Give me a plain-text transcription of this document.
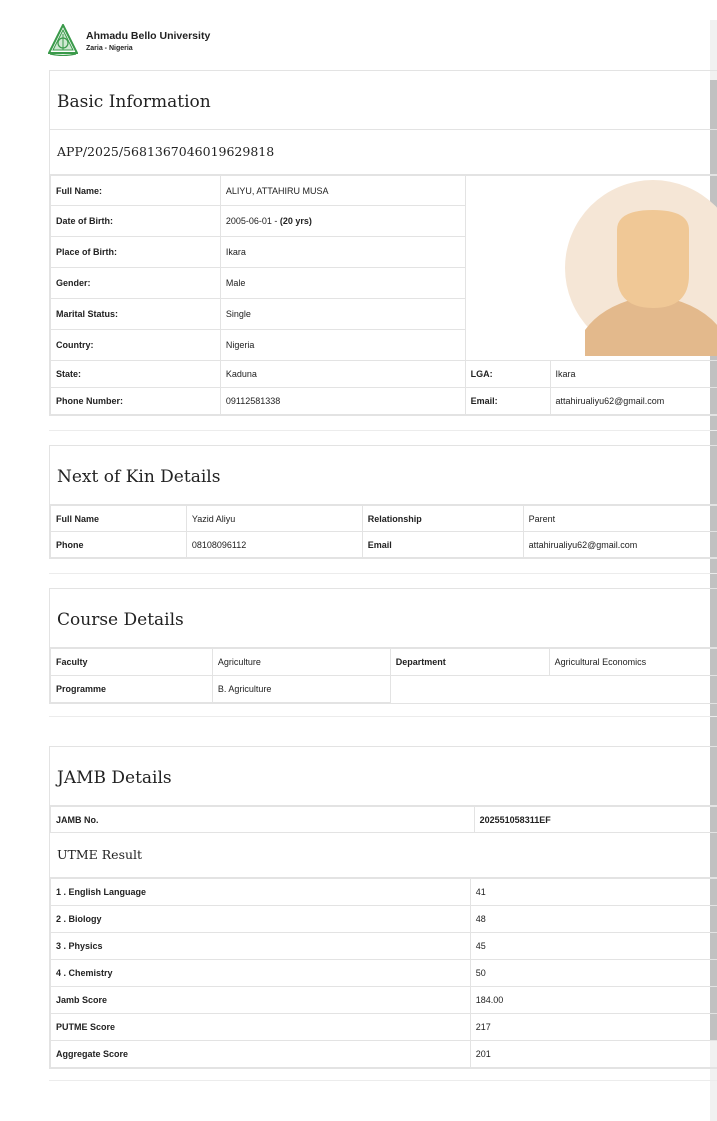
Ahmadu Bello University
Zaria - Nigeria
Basic Information
APP/2025/5681367046019629818
Full Name:	ALIYU, ATTAHIRU MUSA		
Date of Birth:	2005-06-01 - (20 yrs)		
Place of Birth:	Ikara		
Gender:	Male		
Marital Status:	Single		
Country:	Nigeria		
State:	Kaduna	LGA:	Ikara
Phone Number:	09112581338	Email:	attahirualiyu62@gmail.com
Next of Kin Details
Full Name	Yazid Aliyu	Relationship	Parent
Phone	08108096112	Email	attahirualiyu62@gmail.com
Course Details
Faculty	Agriculture	Department	Agricultural Economics
Programme	B. Agriculture		
JAMB Details
JAMB No.	202551058311EF
UTME Result
1 . English Language	41
2 . Biology	48
3 . Physics	45
4 . Chemistry	50
Jamb Score	184.00
PUTME Score	217
Aggregate Score	201
